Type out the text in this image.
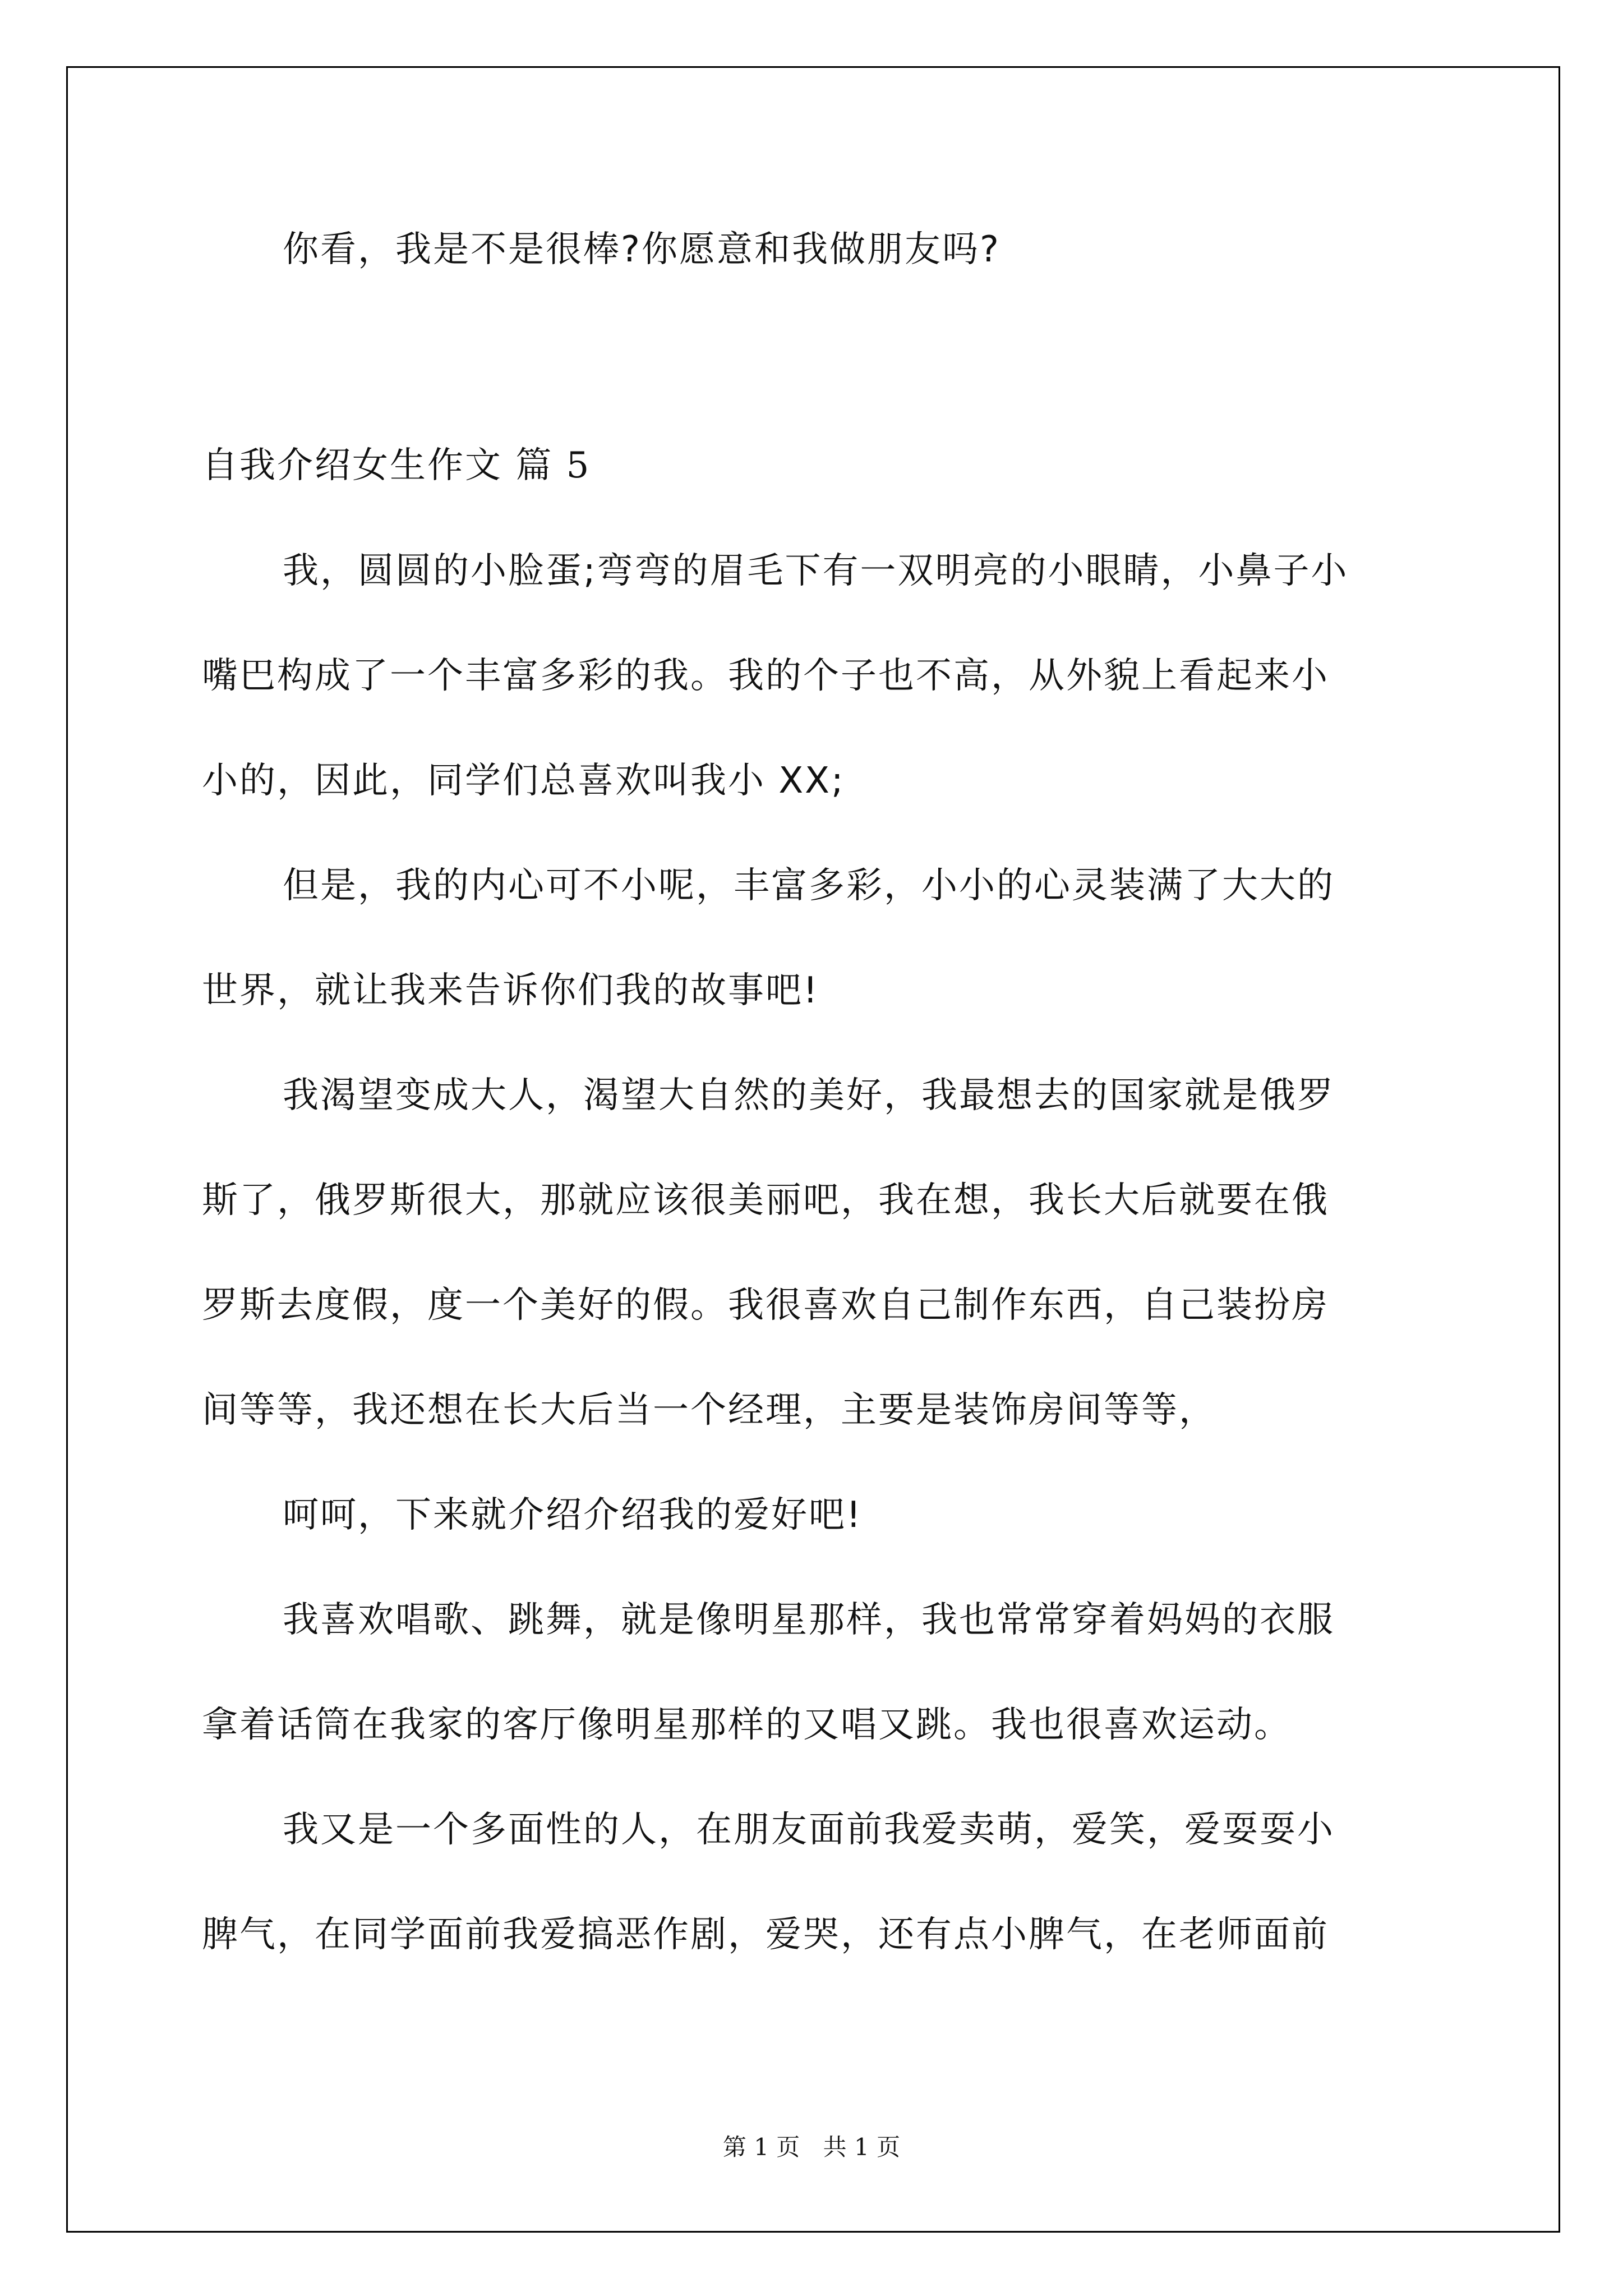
你看，我是不是很棒?你愿意和我做朋友吗?

自我介绍女生作文 篇 5

我，圆圆的小脸蛋;弯弯的眉毛下有一双明亮的小眼睛，小鼻子小

嘴巴构成了一个丰富多彩的我。我的个子也不高，从外貌上看起来小

小的，因此，同学们总喜欢叫我小 XX;

但是，我的内心可不小呢，丰富多彩，小小的心灵装满了大大的

世界，就让我来告诉你们我的故事吧!

我渴望变成大人，渴望大自然的美好，我最想去的国家就是俄罗

斯了，俄罗斯很大，那就应该很美丽吧，我在想，我长大后就要在俄

罗斯去度假，度一个美好的假。我很喜欢自己制作东西，自己装扮房

间等等，我还想在长大后当一个经理，主要是装饰房间等等，

呵呵，下来就介绍介绍我的爱好吧!

我喜欢唱歌、跳舞，就是像明星那样，我也常常穿着妈妈的衣服

拿着话筒在我家的客厅像明星那样的又唱又跳。我也很喜欢运动。

我又是一个多面性的人，在朋友面前我爱卖萌，爱笑，爱耍耍小

脾气，在同学面前我爱搞恶作剧，爱哭，还有点小脾气，在老师面前

第 1 页 共 1 页
